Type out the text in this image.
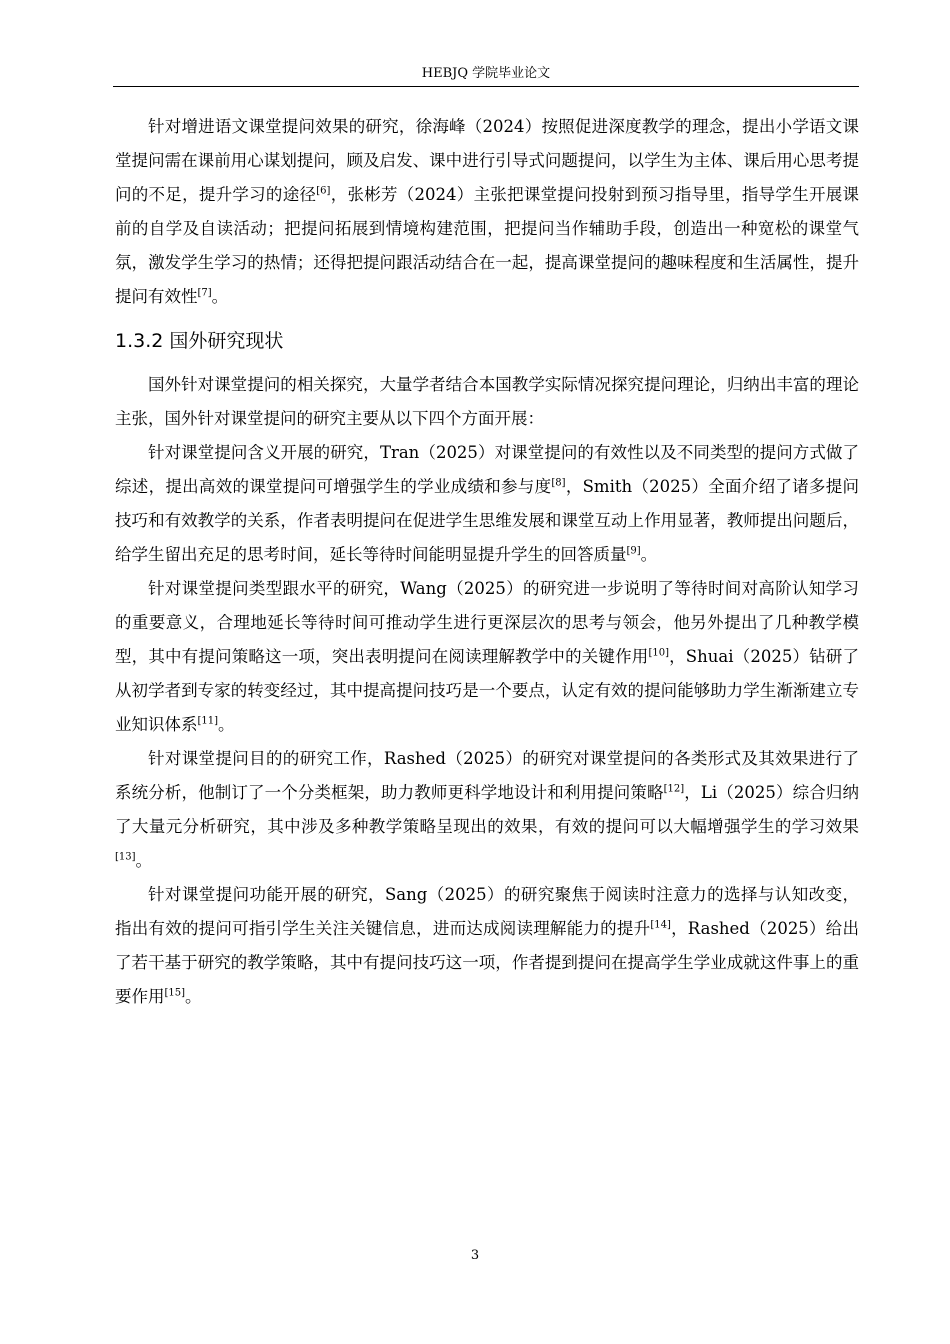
HEBJQ 学院毕业论文

针对增进语文课堂提问效果的研究，徐海峰（2024）按照促进深度教学的理念，提出小学语文课堂提问需在课前用心谋划提问，顾及启发、课中进行引导式问题提问，以学生为主体、课后用心思考提问的不足，提升学习的途径[6]，张彬芳（2024）主张把课堂提问投射到预习指导里，指导学生开展课前的自学及自读活动；把提问拓展到情境构建范围，把提问当作辅助手段，创造出一种宽松的课堂气氛，激发学生学习的热情；还得把提问跟活动结合在一起，提高课堂提问的趣味程度和生活属性，提升提问有效性[7]。

1.3.2 国外研究现状

国外针对课堂提问的相关探究，大量学者结合本国教学实际情况探究提问理论，归纳出丰富的理论主张，国外针对课堂提问的研究主要从以下四个方面开展：

针对课堂提问含义开展的研究，Tran（2025）对课堂提问的有效性以及不同类型的提问方式做了综述，提出高效的课堂提问可增强学生的学业成绩和参与度[8]，Smith（2025）全面介绍了诸多提问技巧和有效教学的关系，作者表明提问在促进学生思维发展和课堂互动上作用显著，教师提出问题后，给学生留出充足的思考时间，延长等待时间能明显提升学生的回答质量[9]。

针对课堂提问类型跟水平的研究，Wang（2025）的研究进一步说明了等待时间对高阶认知学习的重要意义，合理地延长等待时间可推动学生进行更深层次的思考与领会，他另外提出了几种教学模型，其中有提问策略这一项，突出表明提问在阅读理解教学中的关键作用[10]，Shuai（2025）钻研了从初学者到专家的转变经过，其中提高提问技巧是一个要点，认定有效的提问能够助力学生渐渐建立专业知识体系[11]。

针对课堂提问目的的研究工作，Rashed（2025）的研究对课堂提问的各类形式及其效果进行了系统分析，他制订了一个分类框架，助力教师更科学地设计和利用提问策略[12]，Li（2025）综合归纳了大量元分析研究，其中涉及多种教学策略呈现出的效果，有效的提问可以大幅增强学生的学习效果[13]。

针对课堂提问功能开展的研究，Sang（2025）的研究聚焦于阅读时注意力的选择与认知改变，指出有效的提问可指引学生关注关键信息，进而达成阅读理解能力的提升[14]，Rashed（2025）给出了若干基于研究的教学策略，其中有提问技巧这一项，作者提到提问在提高学生学业成就这件事上的重要作用[15]。

3
